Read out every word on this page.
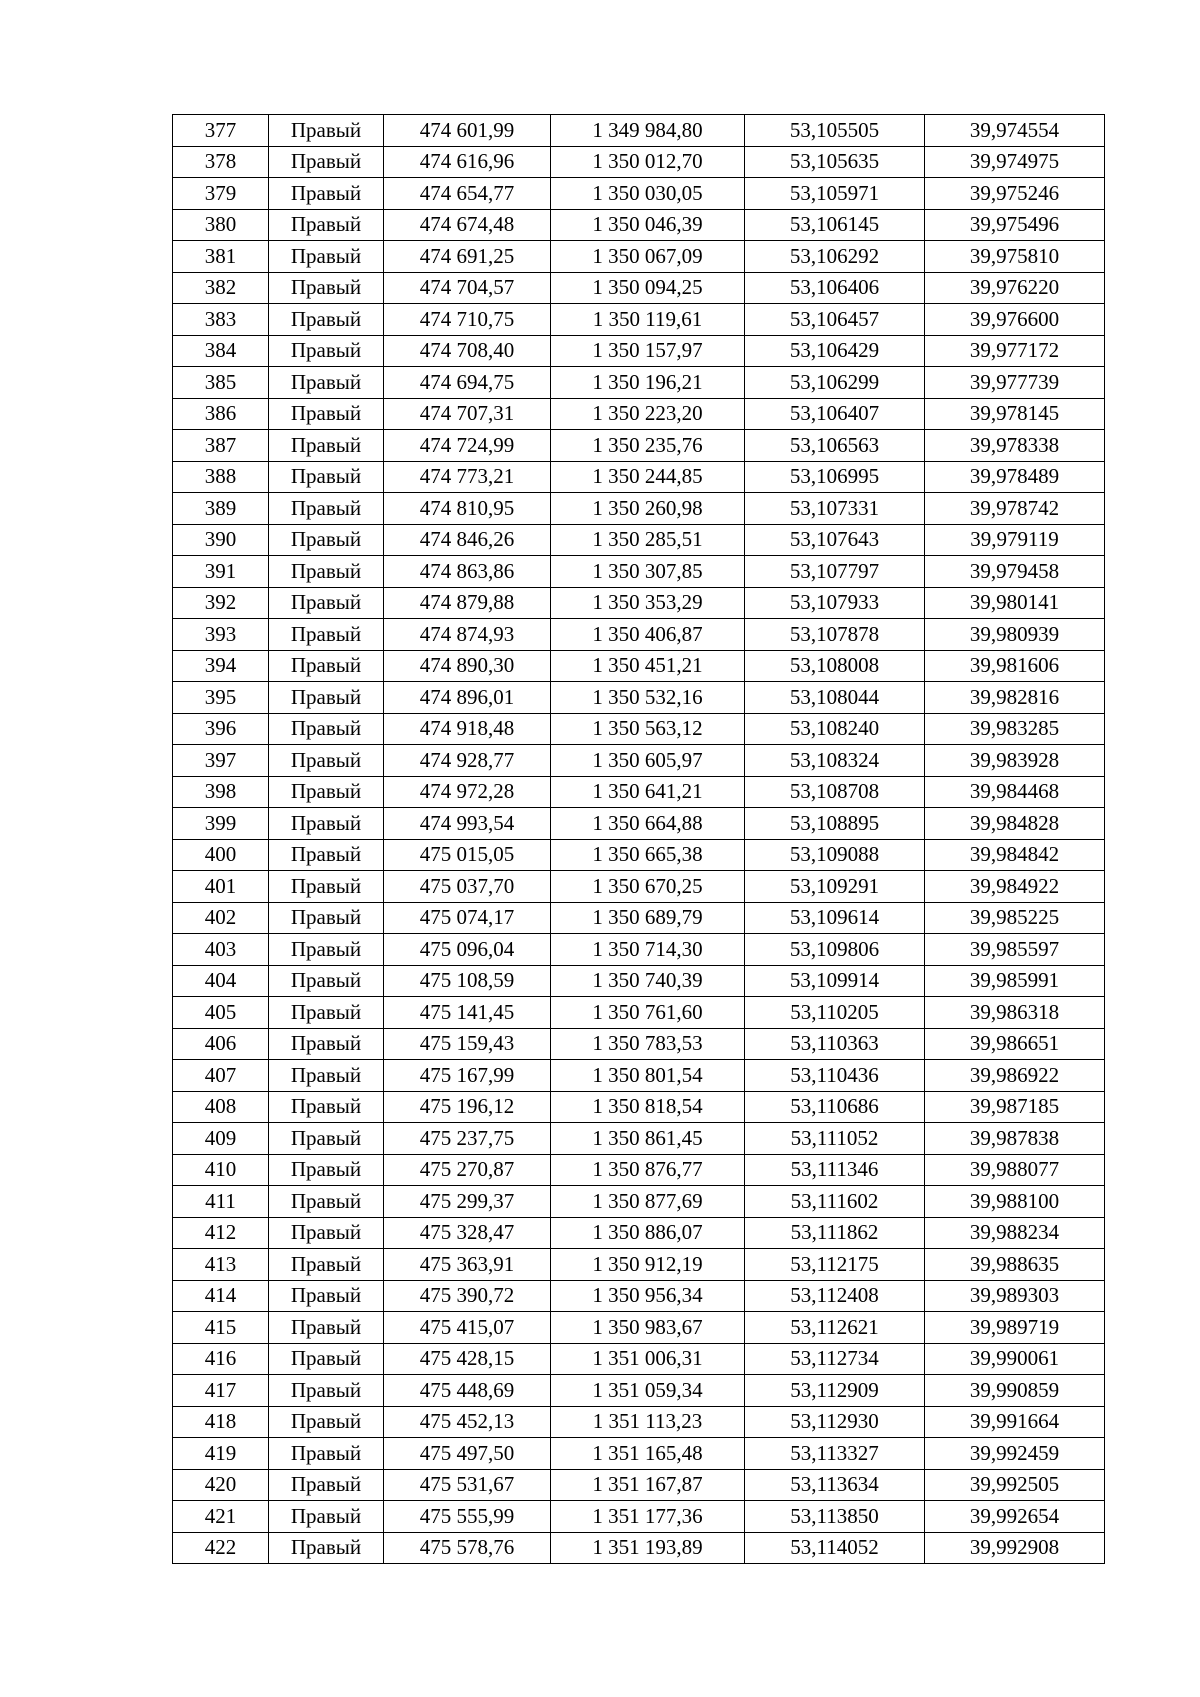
377	Правый	474 601,99	1 349 984,80	53,105505	39,974554
378	Правый	474 616,96	1 350 012,70	53,105635	39,974975
379	Правый	474 654,77	1 350 030,05	53,105971	39,975246
380	Правый	474 674,48	1 350 046,39	53,106145	39,975496
381	Правый	474 691,25	1 350 067,09	53,106292	39,975810
382	Правый	474 704,57	1 350 094,25	53,106406	39,976220
383	Правый	474 710,75	1 350 119,61	53,106457	39,976600
384	Правый	474 708,40	1 350 157,97	53,106429	39,977172
385	Правый	474 694,75	1 350 196,21	53,106299	39,977739
386	Правый	474 707,31	1 350 223,20	53,106407	39,978145
387	Правый	474 724,99	1 350 235,76	53,106563	39,978338
388	Правый	474 773,21	1 350 244,85	53,106995	39,978489
389	Правый	474 810,95	1 350 260,98	53,107331	39,978742
390	Правый	474 846,26	1 350 285,51	53,107643	39,979119
391	Правый	474 863,86	1 350 307,85	53,107797	39,979458
392	Правый	474 879,88	1 350 353,29	53,107933	39,980141
393	Правый	474 874,93	1 350 406,87	53,107878	39,980939
394	Правый	474 890,30	1 350 451,21	53,108008	39,981606
395	Правый	474 896,01	1 350 532,16	53,108044	39,982816
396	Правый	474 918,48	1 350 563,12	53,108240	39,983285
397	Правый	474 928,77	1 350 605,97	53,108324	39,983928
398	Правый	474 972,28	1 350 641,21	53,108708	39,984468
399	Правый	474 993,54	1 350 664,88	53,108895	39,984828
400	Правый	475 015,05	1 350 665,38	53,109088	39,984842
401	Правый	475 037,70	1 350 670,25	53,109291	39,984922
402	Правый	475 074,17	1 350 689,79	53,109614	39,985225
403	Правый	475 096,04	1 350 714,30	53,109806	39,985597
404	Правый	475 108,59	1 350 740,39	53,109914	39,985991
405	Правый	475 141,45	1 350 761,60	53,110205	39,986318
406	Правый	475 159,43	1 350 783,53	53,110363	39,986651
407	Правый	475 167,99	1 350 801,54	53,110436	39,986922
408	Правый	475 196,12	1 350 818,54	53,110686	39,987185
409	Правый	475 237,75	1 350 861,45	53,111052	39,987838
410	Правый	475 270,87	1 350 876,77	53,111346	39,988077
411	Правый	475 299,37	1 350 877,69	53,111602	39,988100
412	Правый	475 328,47	1 350 886,07	53,111862	39,988234
413	Правый	475 363,91	1 350 912,19	53,112175	39,988635
414	Правый	475 390,72	1 350 956,34	53,112408	39,989303
415	Правый	475 415,07	1 350 983,67	53,112621	39,989719
416	Правый	475 428,15	1 351 006,31	53,112734	39,990061
417	Правый	475 448,69	1 351 059,34	53,112909	39,990859
418	Правый	475 452,13	1 351 113,23	53,112930	39,991664
419	Правый	475 497,50	1 351 165,48	53,113327	39,992459
420	Правый	475 531,67	1 351 167,87	53,113634	39,992505
421	Правый	475 555,99	1 351 177,36	53,113850	39,992654
422	Правый	475 578,76	1 351 193,89	53,114052	39,992908
